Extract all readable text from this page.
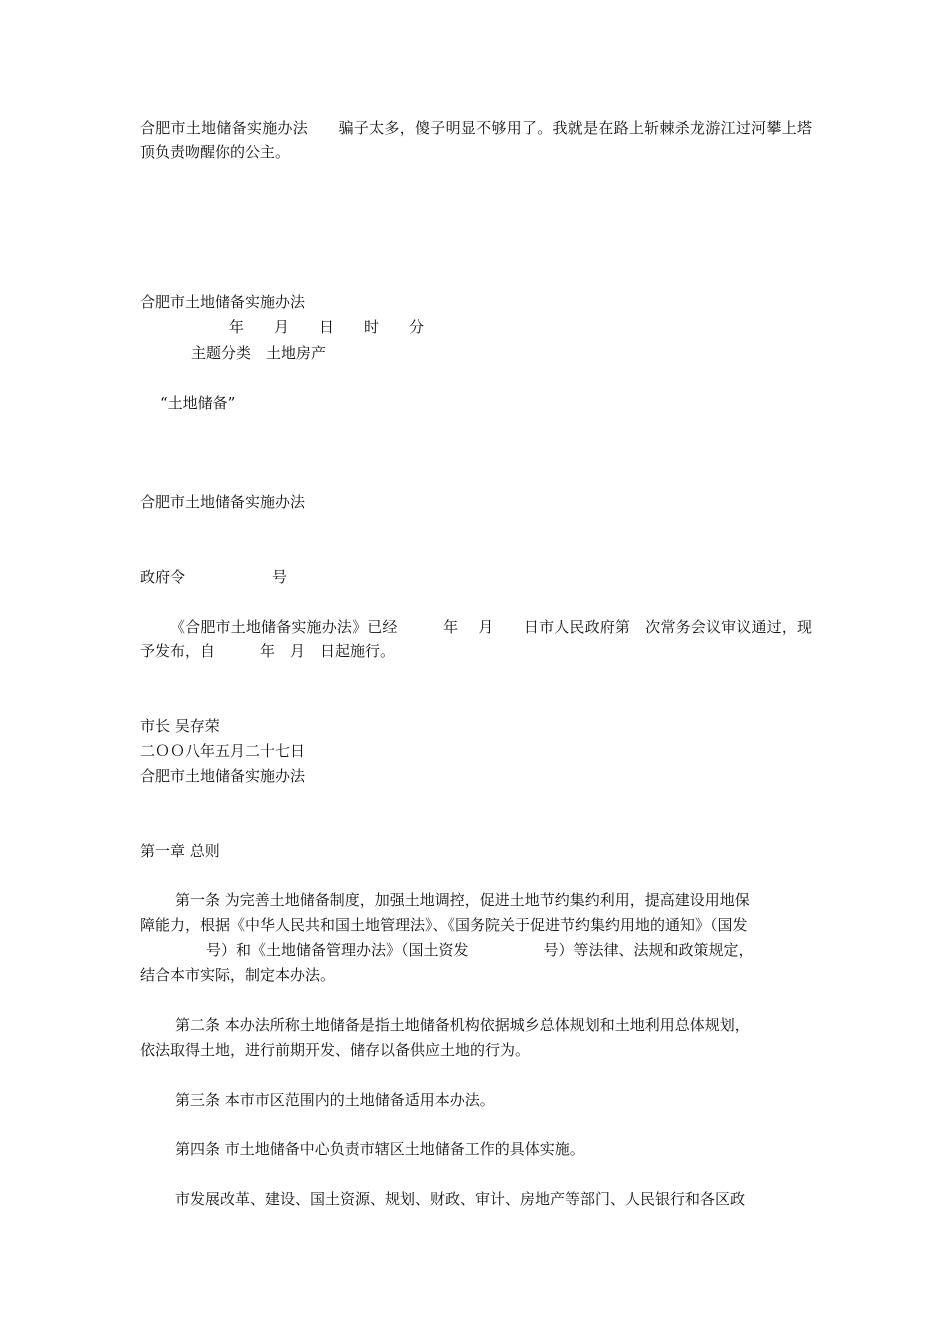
合肥市土地储备实施办法　　骗子太多，傻子明显不够用了。我就是在路上斩棘杀龙游江过河攀上塔顶负责吻醒你的公主。

合肥市土地储备实施办法
年　　月　　日　　时　　分
主题分类　土地房产
“土地储备”
合肥市土地储备实施办法
政府令	号

《合肥市土地储备实施办法》已经　　　年　 月　　日市人民政府第　次常务会议审议通过，现予发布，自　　　年　月　日起施行。

市长 吴存荣
二ＯＯ八年五月二十七日
合肥市土地储备实施办法
第一章 总则
第一条 为完善土地储备制度，加强土地调控，促进土地节约集约利用，提高建设用地保
障能力，根据《中华人民共和国土地管理法》、《国务院关于促进节约集约用地的通知》（国发
号）和《土地储备管理办法》（国土资发　　　　　号）等法律、法规和政策规定，
结合本市实际，制定本办法。
第二条 本办法所称土地储备是指土地储备机构依据城乡总体规划和土地利用总体规划，
依法取得土地，进行前期开发、储存以备供应土地的行为。
第三条 本市市区范围内的土地储备适用本办法。
第四条 市土地储备中心负责市辖区土地储备工作的具体实施。
市发展改革、建设、国土资源、规划、财政、审计、房地产等部门、人民银行和各区政
